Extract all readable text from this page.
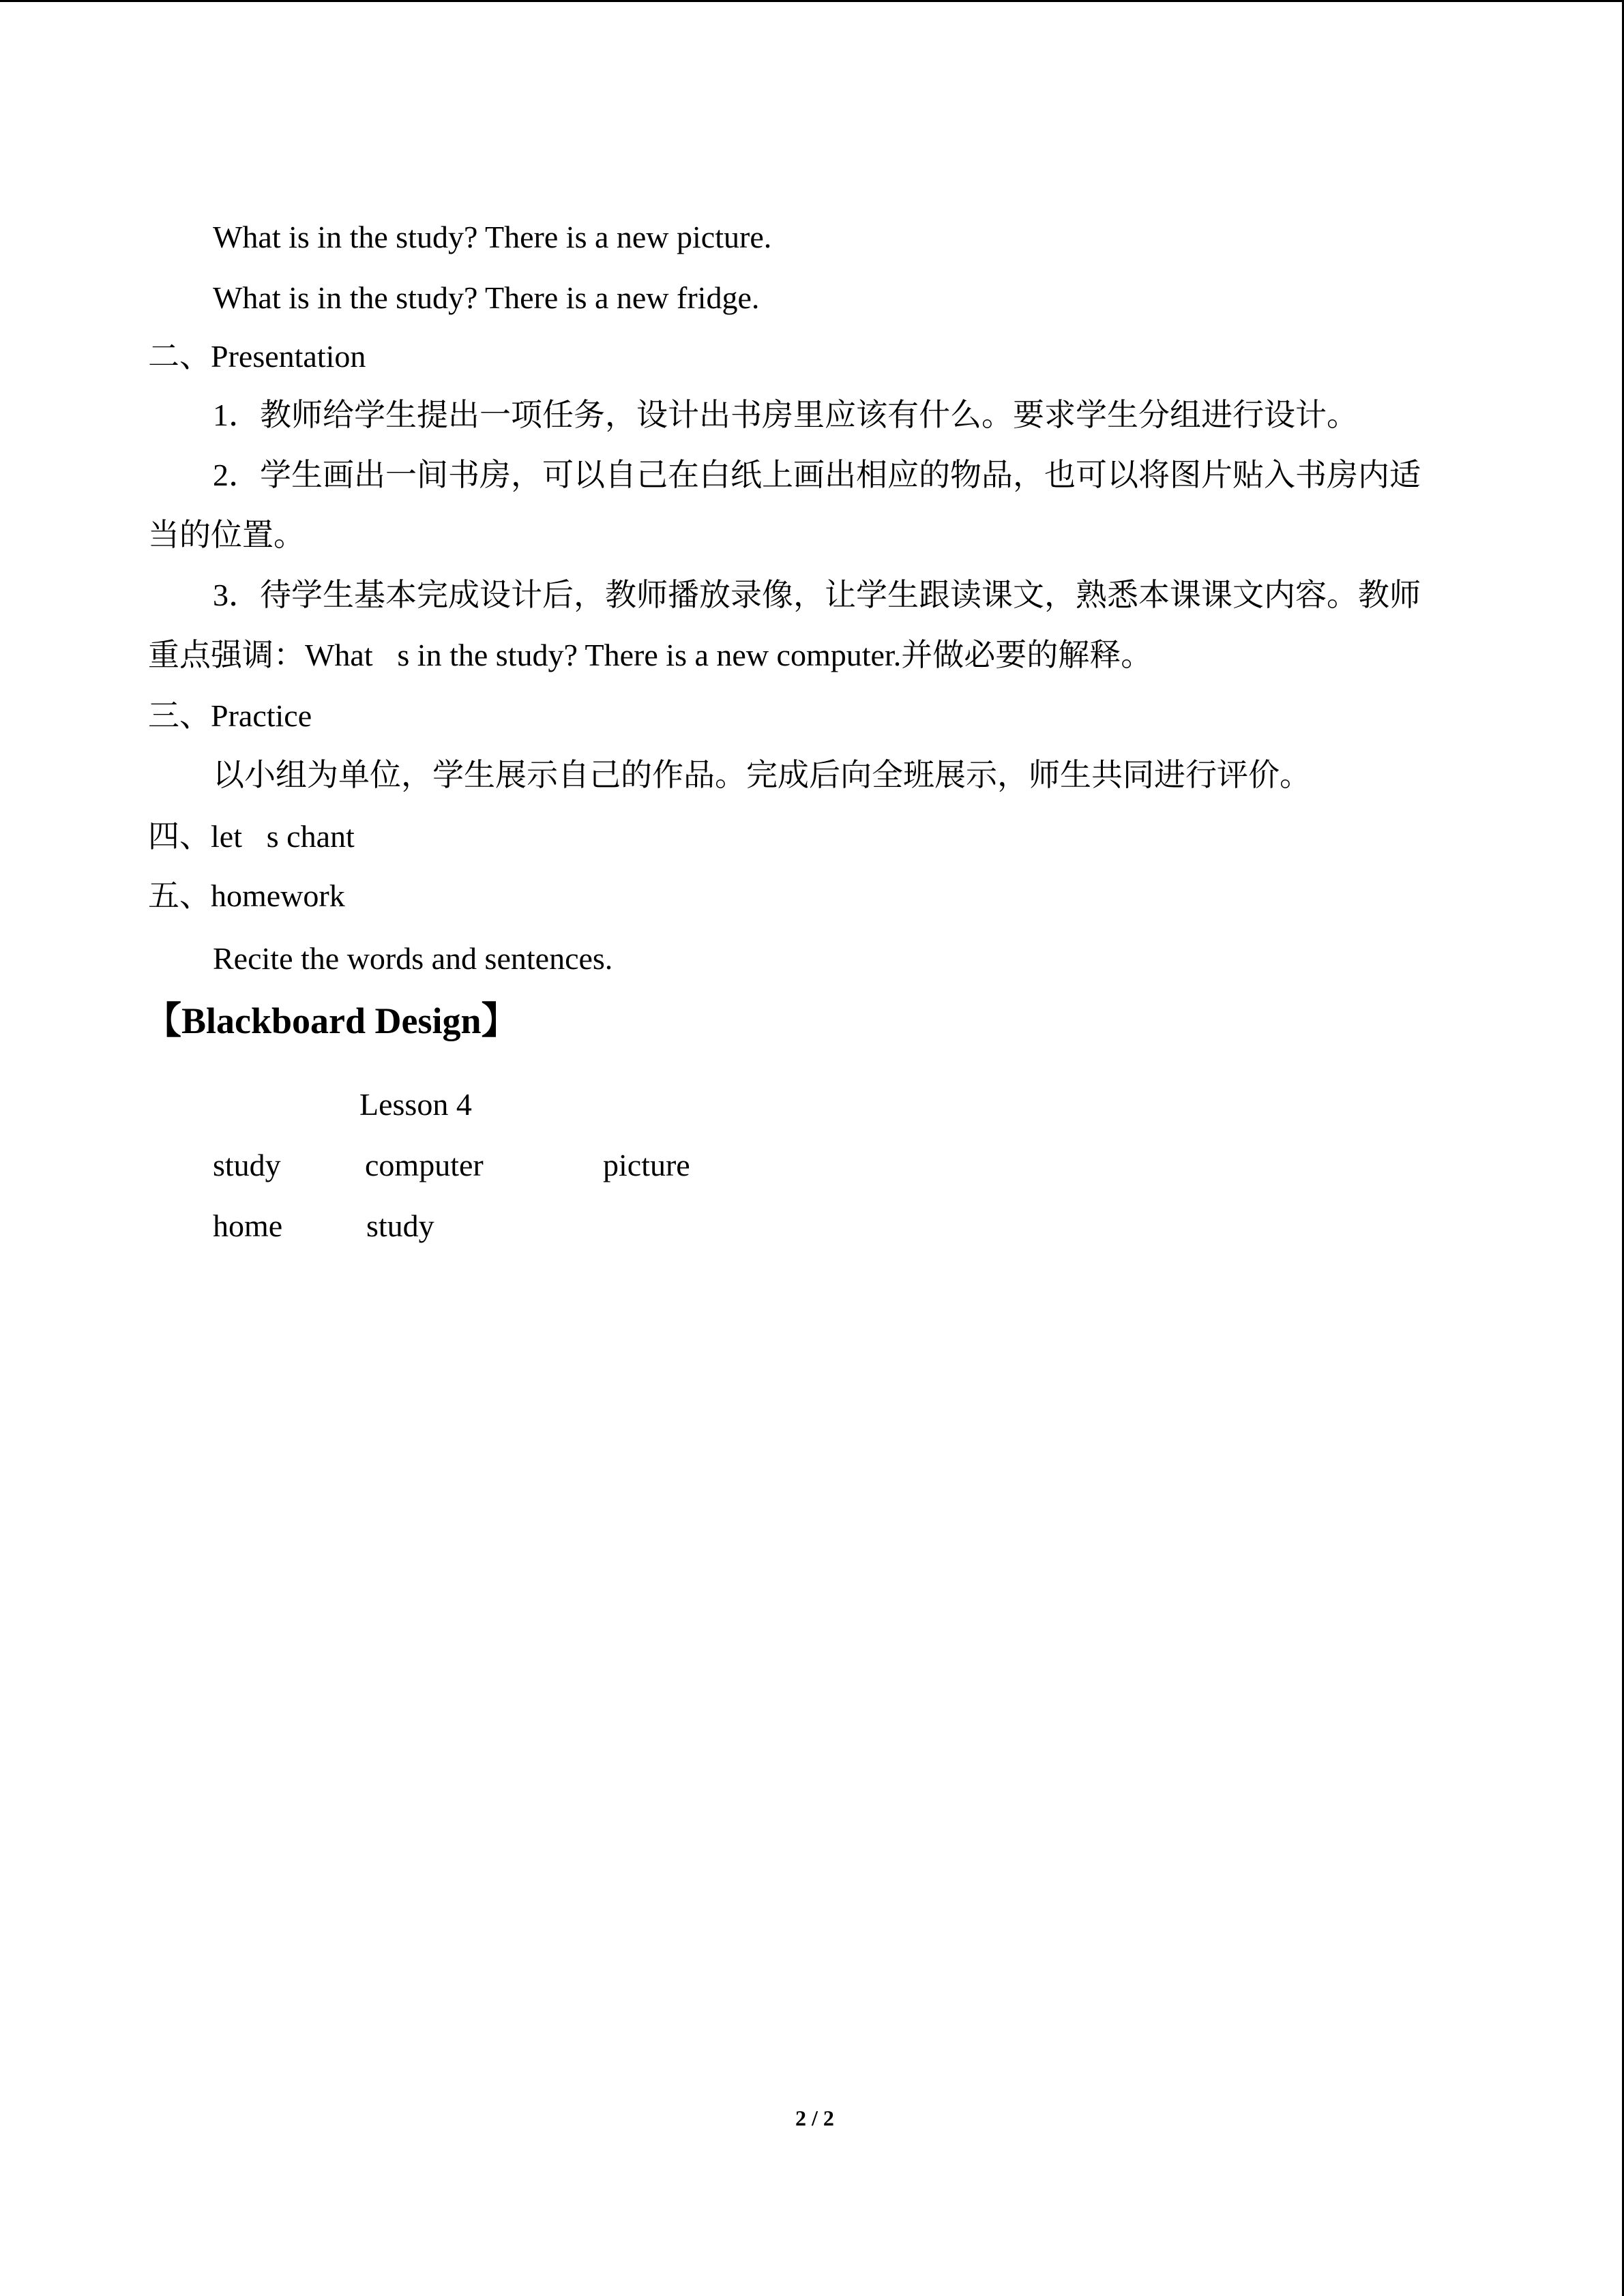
What is in the study? There is a new picture.
What is in the study? There is a new fridge.
二、Presentation
1．教师给学生提出一项任务，设计出书房里应该有什么。要求学生分组进行设计。
2．学生画出一间书房，可以自己在白纸上画出相应的物品，也可以将图片贴入书房内适
当的位置。
3．待学生基本完成设计后，教师播放录像，让学生跟读课文，熟悉本课课文内容。教师
重点强调：What󰀀s in the study? There is a new computer.并做必要的解释。
三、Practice
以小组为单位，学生展示自己的作品。完成后向全班展示，师生共同进行评价。
四、let󰀀s chant
五、homework
Recite the words and sentences.
【Blackboard Design】
Lesson 4
study	computer	picture
home	study
2 / 2
